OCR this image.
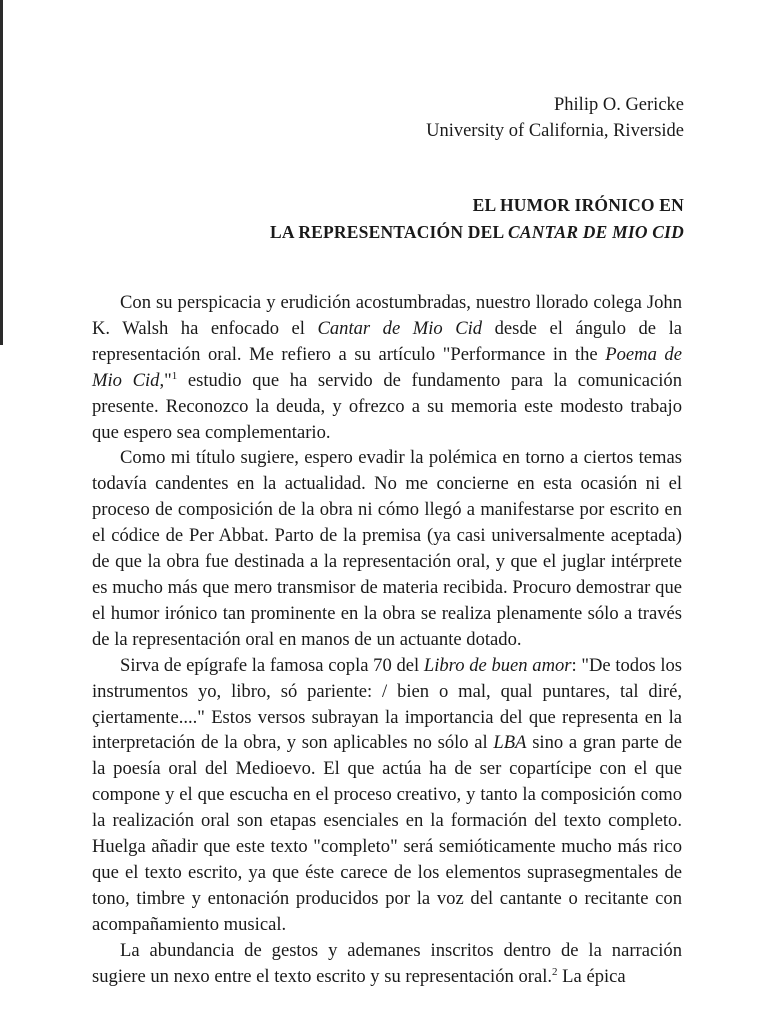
Philip O. Gericke
University of California, Riverside
EL HUMOR IRÓNICO EN
LA REPRESENTACIÓN DEL CANTAR DE MIO CID

Con su perspicacia y erudición acostumbradas, nuestro llorado colega John K. Walsh ha enfocado el Cantar de Mio Cid desde el ángulo de la representación oral. Me refiero a su artículo "Performance in the Poema de Mio Cid,"$^1$ estudio que ha servido de fundamento para la comunicación presente. Reconozco la deuda, y ofrezco a su memoria este modesto trabajo que espero sea complementario.

Como mi título sugiere, espero evadir la polémica en torno a ciertos temas todavía candentes en la actualidad. No me concierne en esta ocasión ni el proceso de composición de la obra ni cómo llegó a manifestarse por escrito en el códice de Per Abbat. Parto de la premisa (ya casi universalmente aceptada) de que la obra fue destinada a la representación oral, y que el juglar intérprete es mucho más que mero transmisor de materia recibida. Procuro demostrar que el humor irónico tan prominente en la obra se realiza plenamente sólo a través de la representación oral en manos de un actuante dotado.

Sirva de epígrafe la famosa copla 70 del Libro de buen amor: "De todos los instrumentos yo, libro, só pariente: / bien o mal, qual puntares, tal diré, çiertamente...." Estos versos subrayan la importancia del que representa en la interpretación de la obra, y son aplicables no sólo al LBA sino a gran parte de la poesía oral del Medioevo. El que actúa ha de ser copartícipe con el que compone y el que escucha en el proceso creativo, y tanto la composición como la realización oral son etapas esenciales en la formación del texto completo. Huelga añadir que este texto "completo" será semióticamente mucho más rico que el texto escrito, ya que éste carece de los elementos suprasegmentales de tono, timbre y entonación producidos por la voz del cantante o recitante con acompañamiento musical.

La abundancia de gestos y ademanes inscritos dentro de la narración sugiere un nexo entre el texto escrito y su representación oral.$^2$ La épica
